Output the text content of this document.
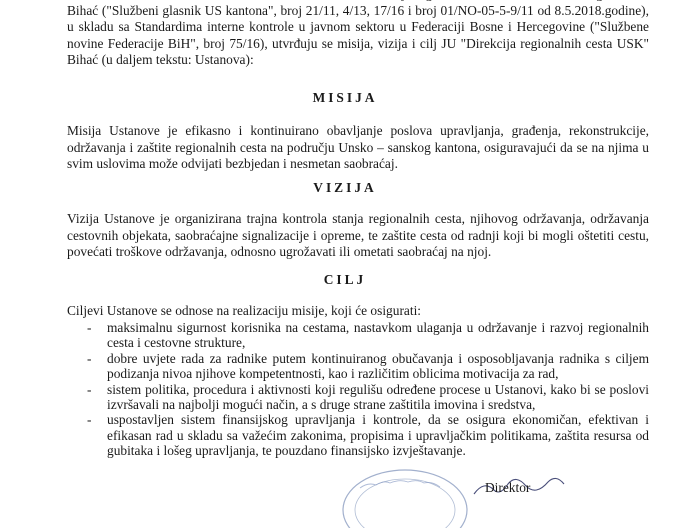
Bihać ("Službeni glasnik US kantona", broj 21/11, 4/13, 17/16 i broj 01/NO-05-5-9/11 od 8.5.2018.godine), u skladu sa Standardima interne kontrole u javnom sektoru u Federaciji Bosne i Hercegovine ("Službene novine Federacije BiH", broj 75/16), utvrđuju se misija, vizija i cilj JU "Direkcija regionalnih cesta USK" Bihać (u daljem tekstu: Ustanova):

MISIJA

Misija Ustanove je efikasno i kontinuirano obavljanje poslova upravljanja, građenja, rekonstrukcije, održavanja i zaštite regionalnih cesta na području Unsko – sanskog kantona, osiguravajući da se na njima u svim uslovima može odvijati bezbjedan i nesmetan saobraćaj.

VIZIJA

Vizija Ustanove je organizirana trajna kontrola stanja regionalnih cesta, njihovog održavanja, održavanja cestovnih objekata, saobraćajne signalizacije i opreme, te zaštite cesta od radnji koji bi mogli oštetiti cestu, povećati troškove održavanja, odnosno ugrožavati ili ometati saobraćaj na njoj.

CILJ

Ciljevi Ustanove se odnose na realizaciju misije, koji će osigurati:

- maksimalnu sigurnost korisnika na cestama, nastavkom ulaganja u održavanje i razvoj regionalnih cesta i cestovne strukture,
- dobre uvjete rada za radnike putem kontinuiranog obučavanja i osposobljavanja radnika s ciljem podizanja nivoa njihove kompetentnosti, kao i različitim oblicima motivacija za rad,
- sistem politika, procedura i aktivnosti koji regulišu određene procese u Ustanovi, kako bi se poslovi izvršavali na najbolji mogući način, a s druge strane zaštitila imovina i sredstva,
- uspostavljen sistem finansijskog upravljanja i kontrole, da se osigura ekonomičan, efektivan i efikasan rad u skladu sa važećim zakonima, propisima i upravljačkim politikama, zaštita resursa od gubitaka i lošeg upravljanja, te pouzdano finansijsko izvještavanje.
Direktor
